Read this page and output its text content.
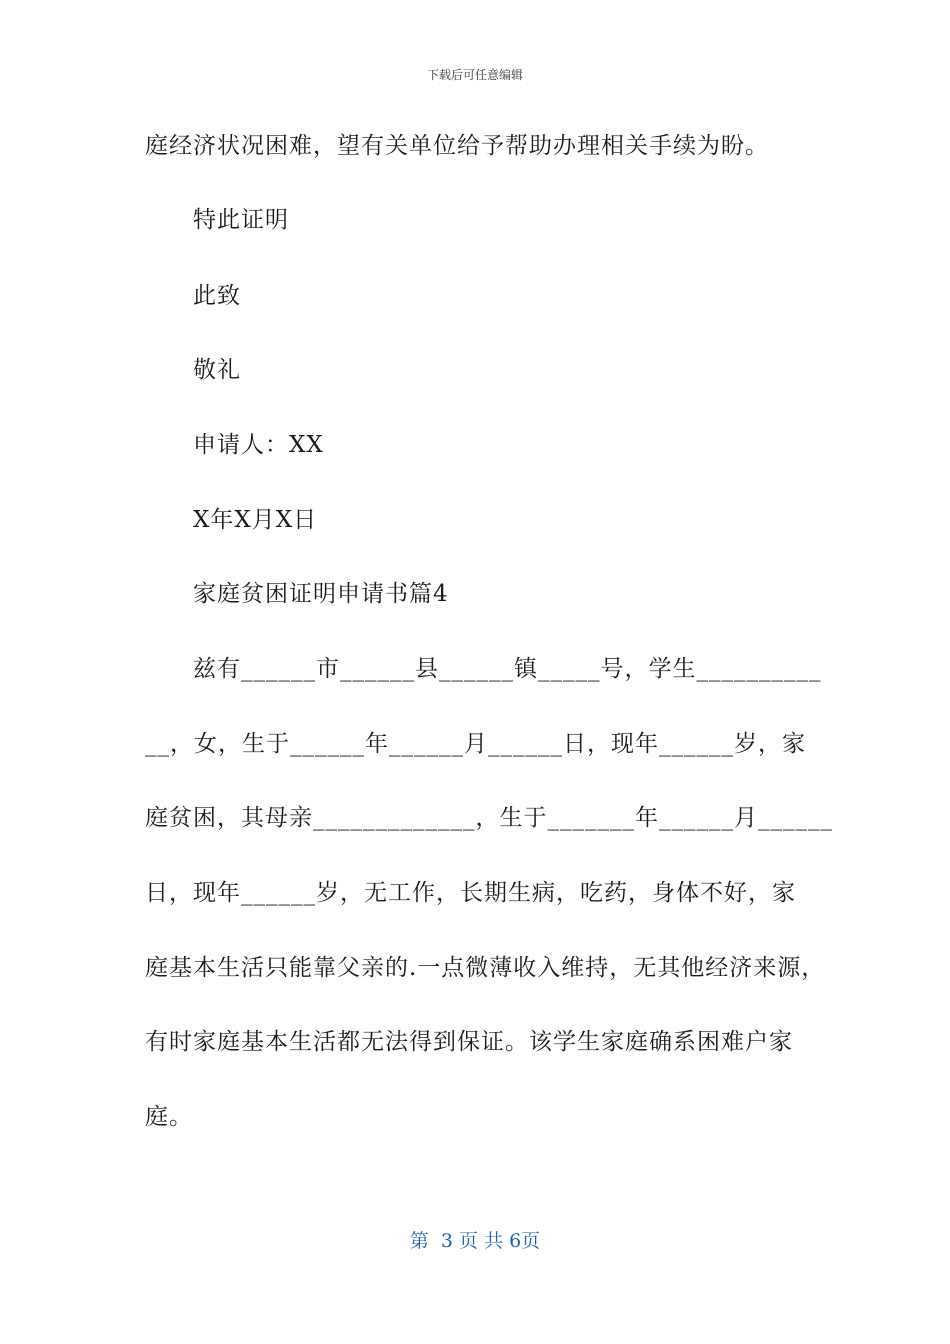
下载后可任意编辑
庭经济状况困难，望有关单位给予帮助办理相关手续为盼。
特此证明
此致
敬礼
申请人：XX
X年X月X日
家庭贫困证明申请书篇4
兹有______市______县______镇_____号，学生__________
__，女，生于______年______月______日，现年______岁，家
庭贫困，其母亲_____________，生于_______年______月______
日，现年______岁，无工作，长期生病，吃药，身体不好，家
庭基本生活只能靠父亲的.一点微薄收入维持，无其他经济来源，
有时家庭基本生活都无法得到保证。该学生家庭确系困难户家
庭。
第  3 页 共 6页
